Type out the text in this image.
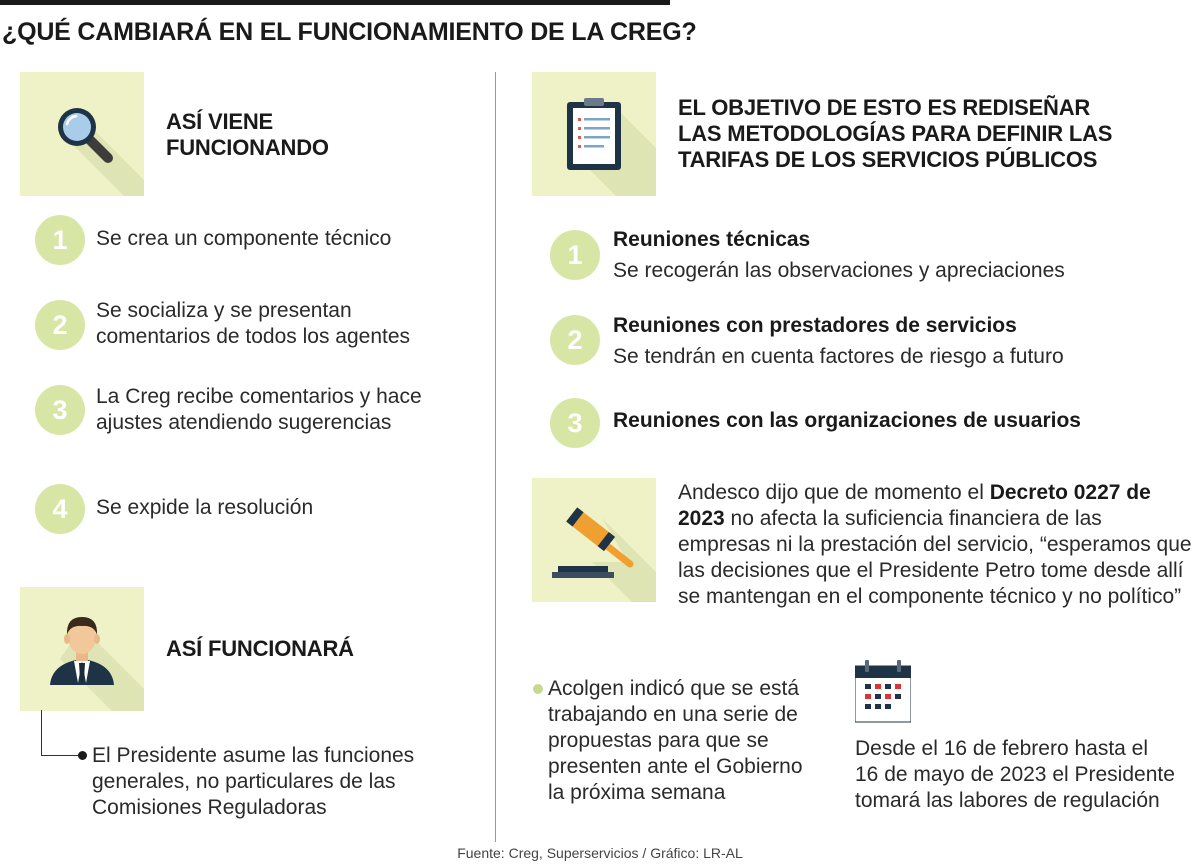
¿QUÉ CAMBIARÁ EN EL FUNCIONAMIENTO DE LA CREG?
ASÍ VIENE
FUNCIONANDO
1	Se crea un componente técnico
2	Se socializa y se presentan comentarios de todos los agentes
3	La Creg recibe comentarios y hace ajustes atendiendo sugerencias
4	Se expide la resolución
ASÍ FUNCIONARÁ
El Presidente asume las funciones generales, no particulares de las Comisiones Reguladoras
EL OBJETIVO DE ESTO ES REDISEÑAR
LAS METODOLOGÍAS PARA DEFINIR LAS
TARIFAS DE LOS SERVICIOS PÚBLICOS
1
Reuniones técnicas
Se recogerán las observaciones y apreciaciones
2	Reuniones con prestadores de servicios
Se tendrán en cuenta factores de riesgo a futuro
3	Reuniones con las organizaciones de usuarios
Andesco dijo que de momento el Decreto 0227 de 2023 no afecta la suficiencia financiera de las empresas ni la prestación del servicio, “esperamos que las decisiones que el Presidente Petro tome desde allí se mantengan en el componente técnico y no político”
Acolgen indicó que se está trabajando en una serie de propuestas para que se presenten ante el Gobierno la próxima semana
Desde el 16 de febrero hasta el 16 de mayo de 2023 el Presidente tomará las labores de regulación
Fuente: Creg, Superservicios / Gráfico: LR-AL
